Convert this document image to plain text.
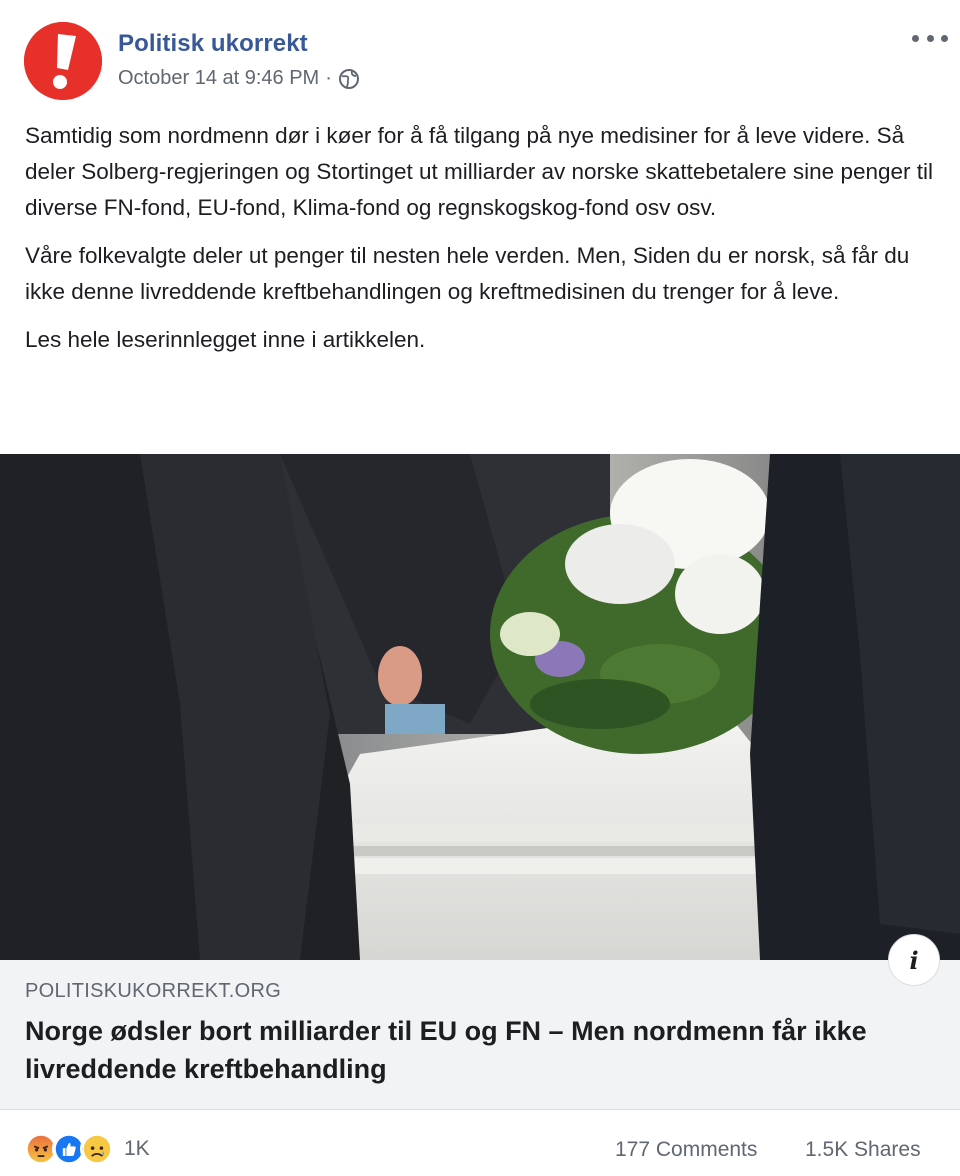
Politisk ukorrekt
October 14 at 9:46 PM ·

Samtidig som nordmenn dør i køer for å få tilgang på nye medisiner for å leve videre. Så deler Solberg-regjeringen og Stortinget ut milliarder av norske skattebetalere sine penger til diverse FN-fond, EU-fond, Klima-fond og regnskogskog-fond osv osv.

Våre folkevalgte deler ut penger til nesten hele verden. Men, Siden du er norsk, så får du ikke denne livreddende kreftbehandlingen og kreftmedisinen du trenger for å leve.

Les hele leserinnlegget inne i artikkelen.

i
POLITISKUKORREKT.ORG
Norge ødsler bort milliarder til EU og FN – Men nordmenn får ikke livreddende kreftbehandling
1K	177 Comments 1.5K Shares
